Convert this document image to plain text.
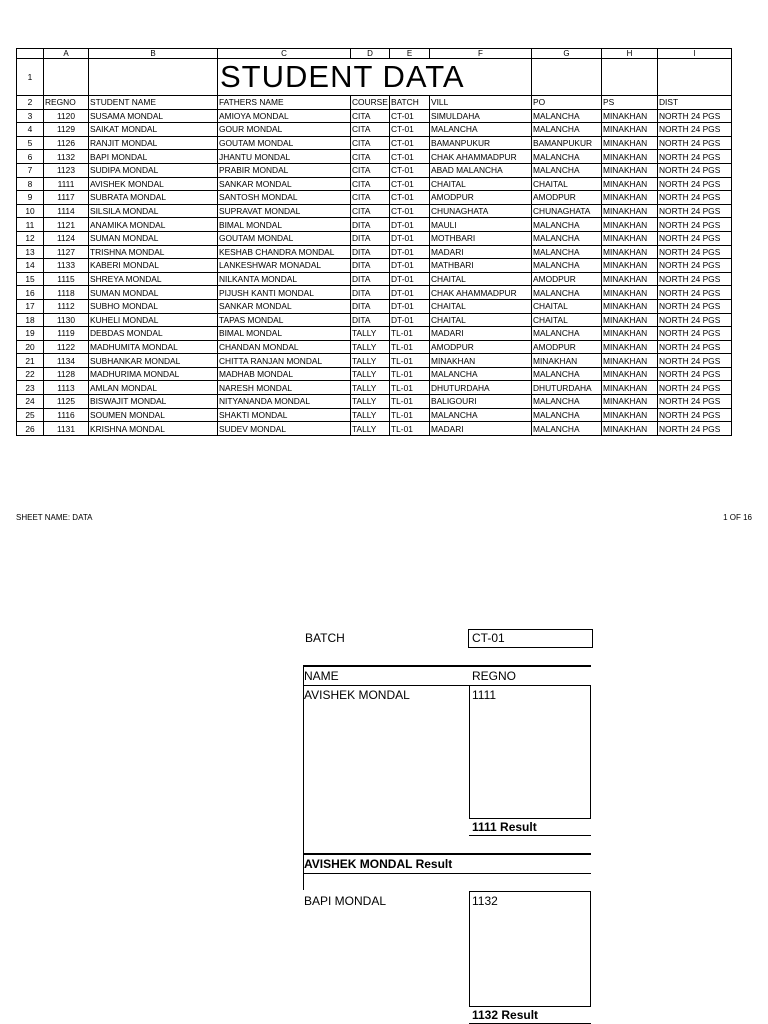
	A	B	C	D	E	F	G	H	I
1			STUDENT DATA						
2	REGNO	STUDENT NAME	FATHERS NAME	COURSE	BATCH	VILL	PO	PS	DIST
3	1120	SUSAMA MONDAL	AMIOYA MONDAL	CITA	CT-01	SIMULDAHA	MALANCHA	MINAKHAN	NORTH 24 PGS
4	1129	SAIKAT MONDAL	GOUR MONDAL	CITA	CT-01	MALANCHA	MALANCHA	MINAKHAN	NORTH 24 PGS
5	1126	RANJIT MONDAL	GOUTAM MONDAL	CITA	CT-01	BAMANPUKUR	BAMANPUKUR	MINAKHAN	NORTH 24 PGS
6	1132	BAPI MONDAL	JHANTU MONDAL	CITA	CT-01	CHAK AHAMMADPUR	MALANCHA	MINAKHAN	NORTH 24 PGS
7	1123	SUDIPA MONDAL	PRABIR MONDAL	CITA	CT-01	ABAD MALANCHA	MALANCHA	MINAKHAN	NORTH 24 PGS
8	1111	AVISHEK MONDAL	SANKAR MONDAL	CITA	CT-01	CHAITAL	CHAITAL	MINAKHAN	NORTH 24 PGS
9	1117	SUBRATA MONDAL	SANTOSH MONDAL	CITA	CT-01	AMODPUR	AMODPUR	MINAKHAN	NORTH 24 PGS
10	1114	SILSILA MONDAL	SUPRAVAT MONDAL	CITA	CT-01	CHUNAGHATA	CHUNAGHATA	MINAKHAN	NORTH 24 PGS
11	1121	ANAMIKA MONDAL	BIMAL MONDAL	DITA	DT-01	MAULI	MALANCHA	MINAKHAN	NORTH 24 PGS
12	1124	SUMAN MONDAL	GOUTAM MONDAL	DITA	DT-01	MOTHBARI	MALANCHA	MINAKHAN	NORTH 24 PGS
13	1127	TRISHNA MONDAL	KESHAB CHANDRA MONDAL	DITA	DT-01	MADARI	MALANCHA	MINAKHAN	NORTH 24 PGS
14	1133	KABERI MONDAL	LANKESHWAR MONADAL	DITA	DT-01	MATHBARI	MALANCHA	MINAKHAN	NORTH 24 PGS
15	1115	SHREYA MONDAL	NILKANTA MONDAL	DITA	DT-01	CHAITAL	AMODPUR	MINAKHAN	NORTH 24 PGS
16	1118	SUMAN MONDAL	PIJUSH KANTI MONDAL	DITA	DT-01	CHAK AHAMMADPUR	MALANCHA	MINAKHAN	NORTH 24 PGS
17	1112	SUBHO MONDAL	SANKAR MONDAL	DITA	DT-01	CHAITAL	CHAITAL	MINAKHAN	NORTH 24 PGS
18	1130	KUHELI MONDAL	TAPAS MONDAL	DITA	DT-01	CHAITAL	CHAITAL	MINAKHAN	NORTH 24 PGS
19	1119	DEBDAS MONDAL	BIMAL MONDAL	TALLY	TL-01	MADARI	MALANCHA	MINAKHAN	NORTH 24 PGS
20	1122	MADHUMITA MONDAL	CHANDAN MONDAL	TALLY	TL-01	AMODPUR	AMODPUR	MINAKHAN	NORTH 24 PGS
21	1134	SUBHANKAR MONDAL	CHITTA RANJAN MONDAL	TALLY	TL-01	MINAKHAN	MINAKHAN	MINAKHAN	NORTH 24 PGS
22	1128	MADHURIMA MONDAL	MADHAB MONDAL	TALLY	TL-01	MALANCHA	MALANCHA	MINAKHAN	NORTH 24 PGS
23	1113	AMLAN MONDAL	NARESH MONDAL	TALLY	TL-01	DHUTURDAHA	DHUTURDAHA	MINAKHAN	NORTH 24 PGS
24	1125	BISWAJIT MONDAL	NITYANANDA MONDAL	TALLY	TL-01	BALIGOURI	MALANCHA	MINAKHAN	NORTH 24 PGS
25	1116	SOUMEN MONDAL	SHAKTI MONDAL	TALLY	TL-01	MALANCHA	MALANCHA	MINAKHAN	NORTH 24 PGS
26	1131	KRISHNA MONDAL	SUDEV MONDAL	TALLY	TL-01	MADARI	MALANCHA	MINAKHAN	NORTH 24 PGS
SHEET NAME: DATA	1 OF 16
BATCH	CT-01
NAME	REGNO
AVISHEK MONDAL	1111
1111 Result
AVISHEK MONDAL Result
BAPI MONDAL	1132
1132 Result
